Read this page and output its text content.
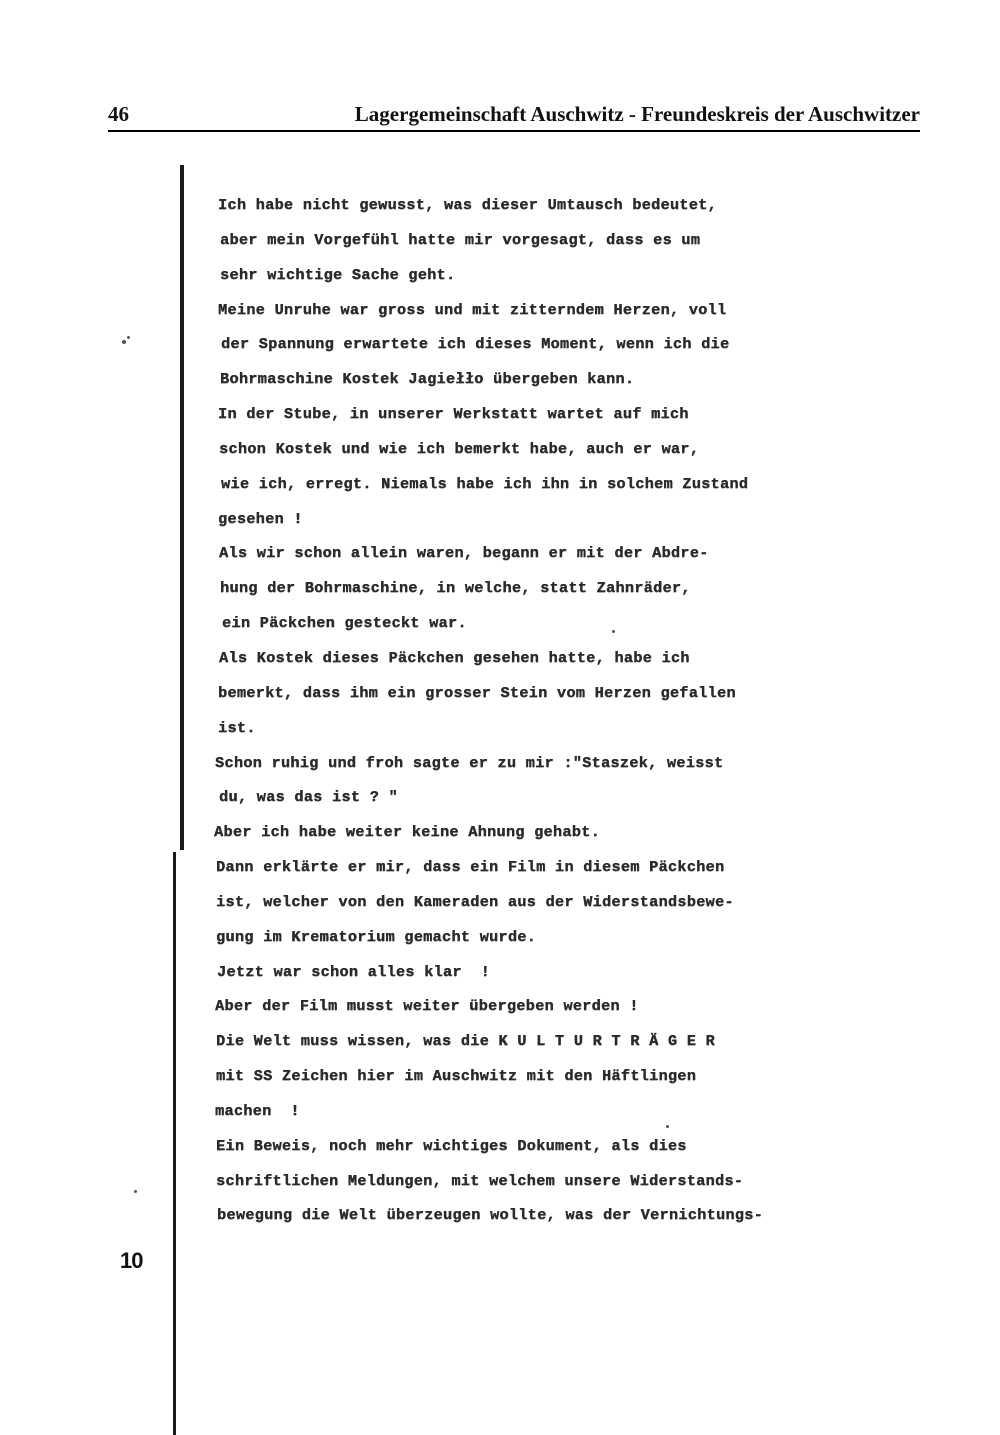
46	Lagergemeinschaft Auschwitz - Freundeskreis der Auschwitzer
Ich habe nicht gewusst, was dieser Umtausch bedeutet,
aber mein Vorgefühl hatte mir vorgesagt, dass es um
sehr wichtige Sache geht.
Meine Unruhe war gross und mit zitterndem Herzen, voll
der Spannung erwartete ich dieses Moment, wenn ich die
Bohrmaschine Kostek Jagiełło übergeben kann.
In der Stube, in unserer Werkstatt wartet auf mich
schon Kostek und wie ich bemerkt habe, auch er war,
wie ich, erregt. Niemals habe ich ihn in solchem Zustand
gesehen !
Als wir schon allein waren, begann er mit der Abdre-
hung der Bohrmaschine, in welche, statt Zahnräder,
ein Päckchen gesteckt war.
Als Kostek dieses Päckchen gesehen hatte, habe ich
bemerkt, dass ihm ein grosser Stein vom Herzen gefallen
ist.
Schon ruhig und froh sagte er zu mir :"Staszek, weisst
du, was das ist ? "
Aber ich habe weiter keine Ahnung gehabt.
Dann erklärte er mir, dass ein Film in diesem Päckchen
ist, welcher von den Kameraden aus der Widerstandsbewe-
gung im Krematorium gemacht wurde.
Jetzt war schon alles klar  !
Aber der Film musst weiter übergeben werden !
Die Welt muss wissen, was die K U L T U R T R Ä G E R
mit SS Zeichen hier im Auschwitz mit den Häftlingen
machen  !
Ein Beweis, noch mehr wichtiges Dokument, als dies
schriftlichen Meldungen, mit welchem unsere Widerstands-
bewegung die Welt überzeugen wollte, was der Vernichtungs-
10
